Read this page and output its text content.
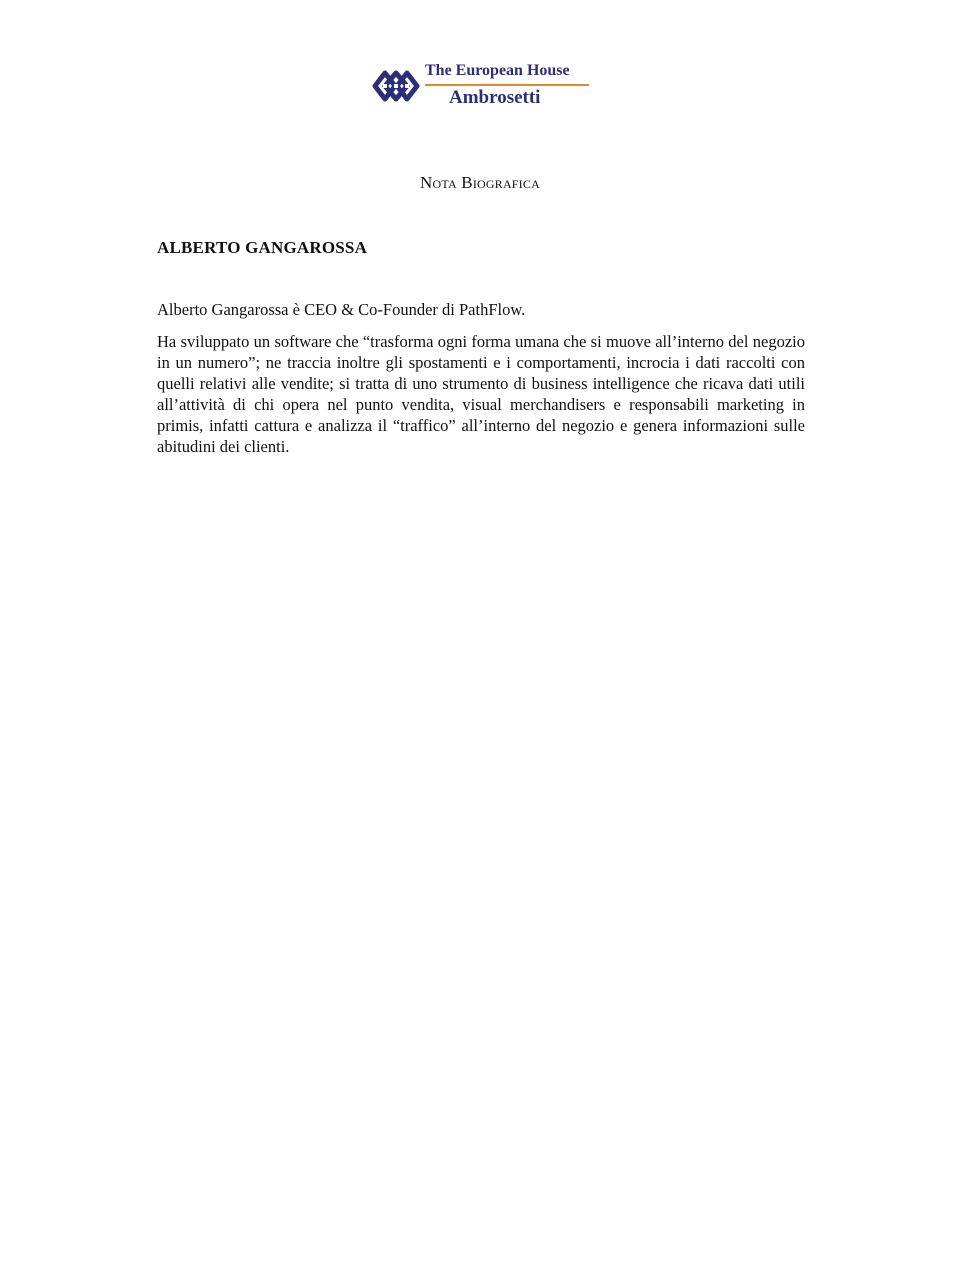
The European House
Ambrosetti
Nota Biografica
ALBERTO GANGAROSSA

Alberto Gangarossa è CEO & Co-Founder di PathFlow.

Ha sviluppato un software che “trasforma ogni forma umana che si muove all’interno del negozio in un numero”; ne traccia inoltre gli spostamenti e i comportamenti, incrocia i dati raccolti con quelli relativi alle vendite; si tratta di uno strumento di business intelligence che ricava dati utili all’attività di chi opera nel punto vendita, visual merchandisers e responsabili marketing in primis, infatti cattura e analizza il “traffico” all’interno del negozio e genera informazioni sulle abitudini dei clienti.
